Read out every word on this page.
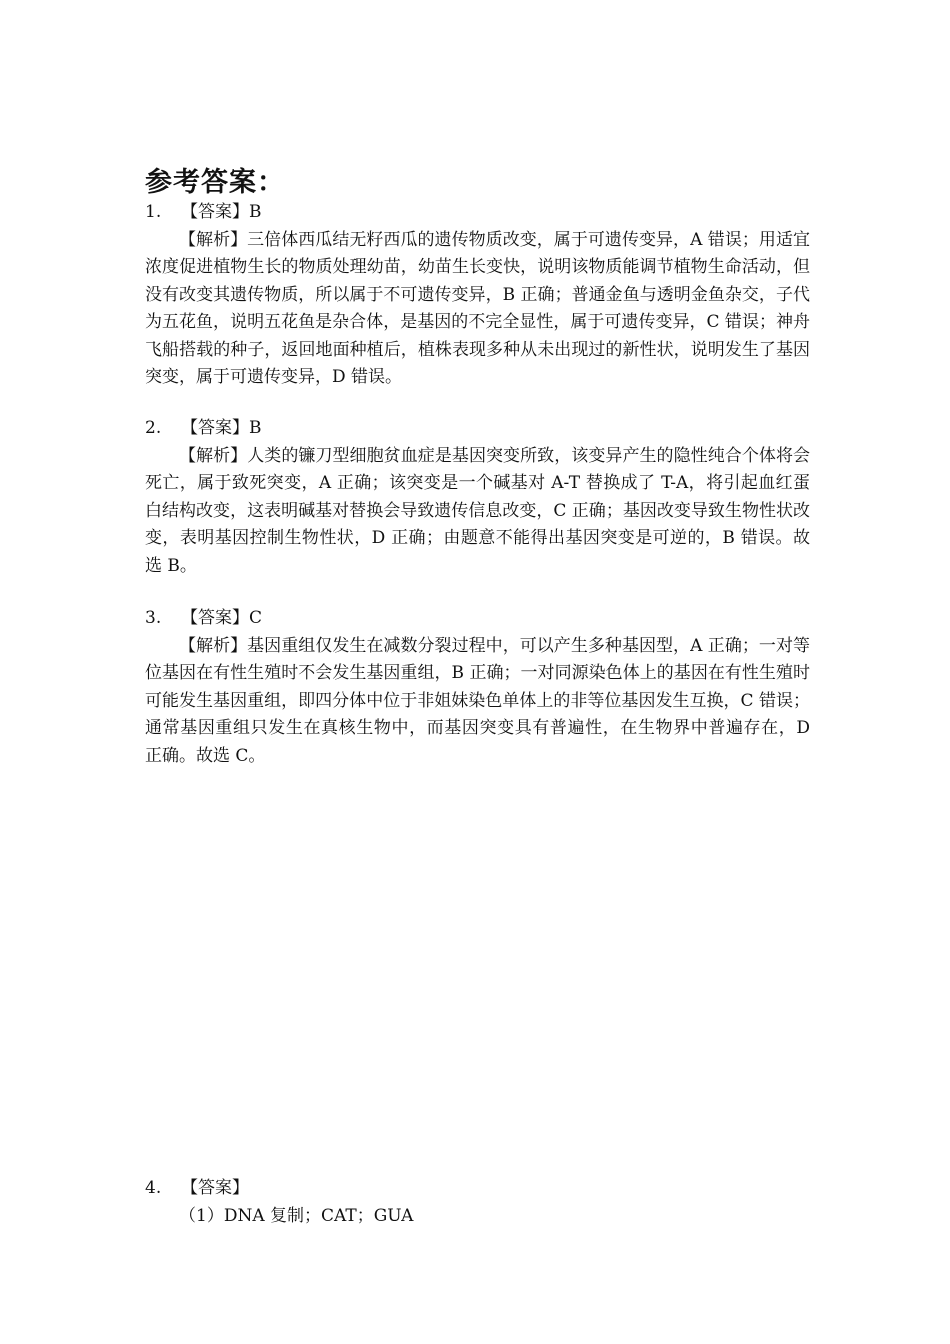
参考答案：
1. 【答案】B

【解析】三倍体西瓜结无籽西瓜的遗传物质改变，属于可遗传变异，A 错误；用适宜浓度促进植物生长的物质处理幼苗，幼苗生长变快，说明该物质能调节植物生命活动，但没有改变其遗传物质，所以属于不可遗传变异，B 正确；普通金鱼与透明金鱼杂交，子代为五花鱼，说明五花鱼是杂合体，是基因的不完全显性，属于可遗传变异，C 错误；神舟飞船搭载的种子，返回地面种植后，植株表现多种从未出现过的新性状，说明发生了基因突变，属于可遗传变异，D 错误。

2. 【答案】B

【解析】人类的镰刀型细胞贫血症是基因突变所致，该变异产生的隐性纯合个体将会死亡，属于致死突变，A 正确；该突变是一个碱基对 A-T 替换成了 T-A，将引起血红蛋白结构改变，这表明碱基对替换会导致遗传信息改变，C 正确；基因改变导致生物性状改变，表明基因控制生物性状，D 正确；由题意不能得出基因突变是可逆的，B 错误。故选 B。

3. 【答案】C

【解析】基因重组仅发生在减数分裂过程中，可以产生多种基因型，A 正确；一对等位基因在有性生殖时不会发生基因重组，B 正确；一对同源染色体上的基因在有性生殖时可能发生基因重组，即四分体中位于非姐妹染色单体上的非等位基因发生互换，C 错误；通常基因重组只发生在真核生物中，而基因突变具有普遍性，在生物界中普遍存在，D 正确。故选 C。

4. 【答案】

（1）DNA 复制；CAT；GUA
